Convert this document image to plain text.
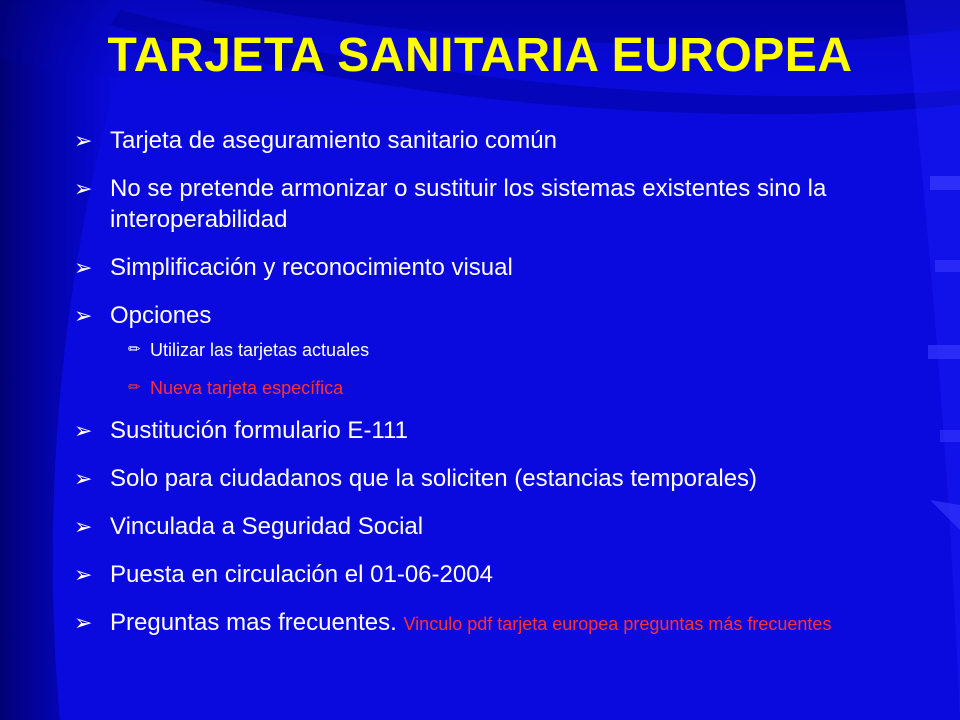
TARJETA SANITARIA EUROPEA
➢ Tarjeta de aseguramiento sanitario común
➢ No se pretende armonizar o sustituir los sistemas existentes sino la interoperabilidad
➢ Simplificación y reconocimiento visual
➢ Opciones
✏ Utilizar las tarjetas actuales
✏ Nueva tarjeta específica
➢ Sustitución formulario E-111
➢ Solo para ciudadanos que la soliciten (estancias temporales)
➢ Vinculada a Seguridad Social
➢ Puesta en circulación el 01-06-2004
➢ Preguntas mas frecuentes. Vinculo pdf tarjeta europea preguntas más frecuentes
